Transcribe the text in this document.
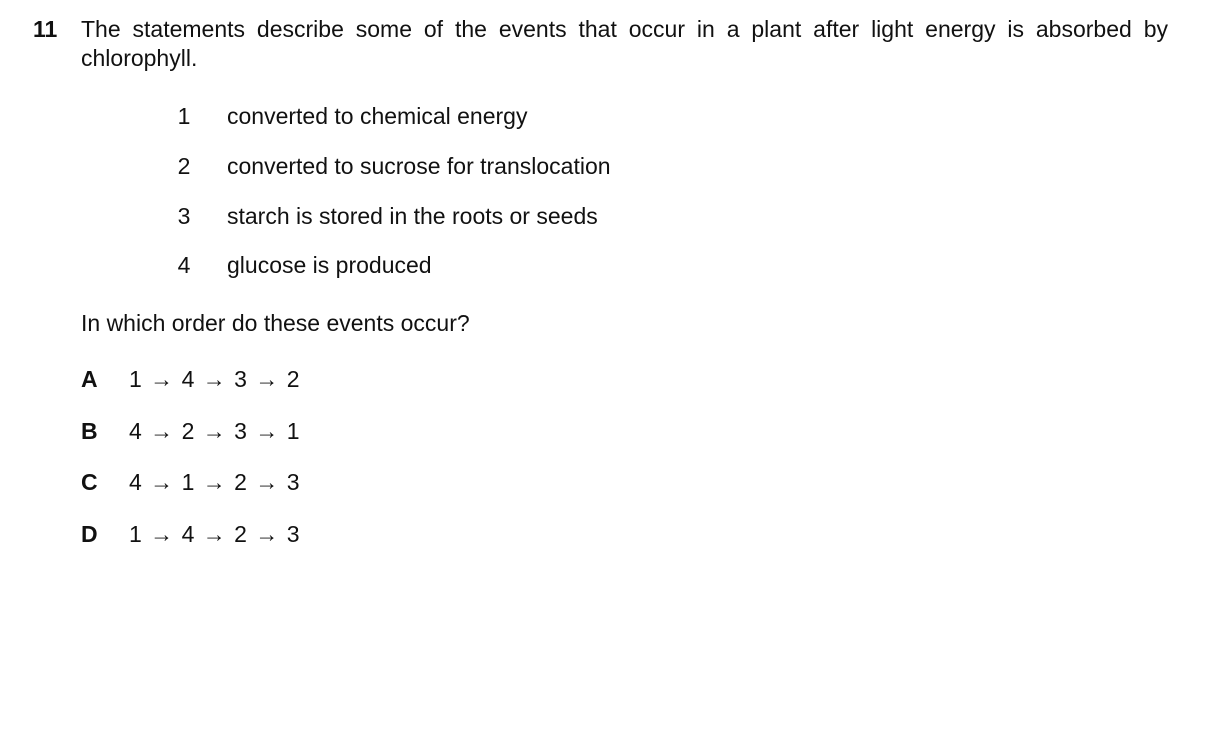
11 The statements describe some of the events that occur in a plant after light energy is absorbed by chlorophyll.
1	converted to chemical energy
2	converted to sucrose for translocation
3	starch is stored in the roots or seeds
4	glucose is produced
In which order do these events occur?
A 1 → 4 → 3 → 2
B 4 → 2 → 3 → 1
C 4 → 1 → 2 → 3
D 1 → 4 → 2 → 3
